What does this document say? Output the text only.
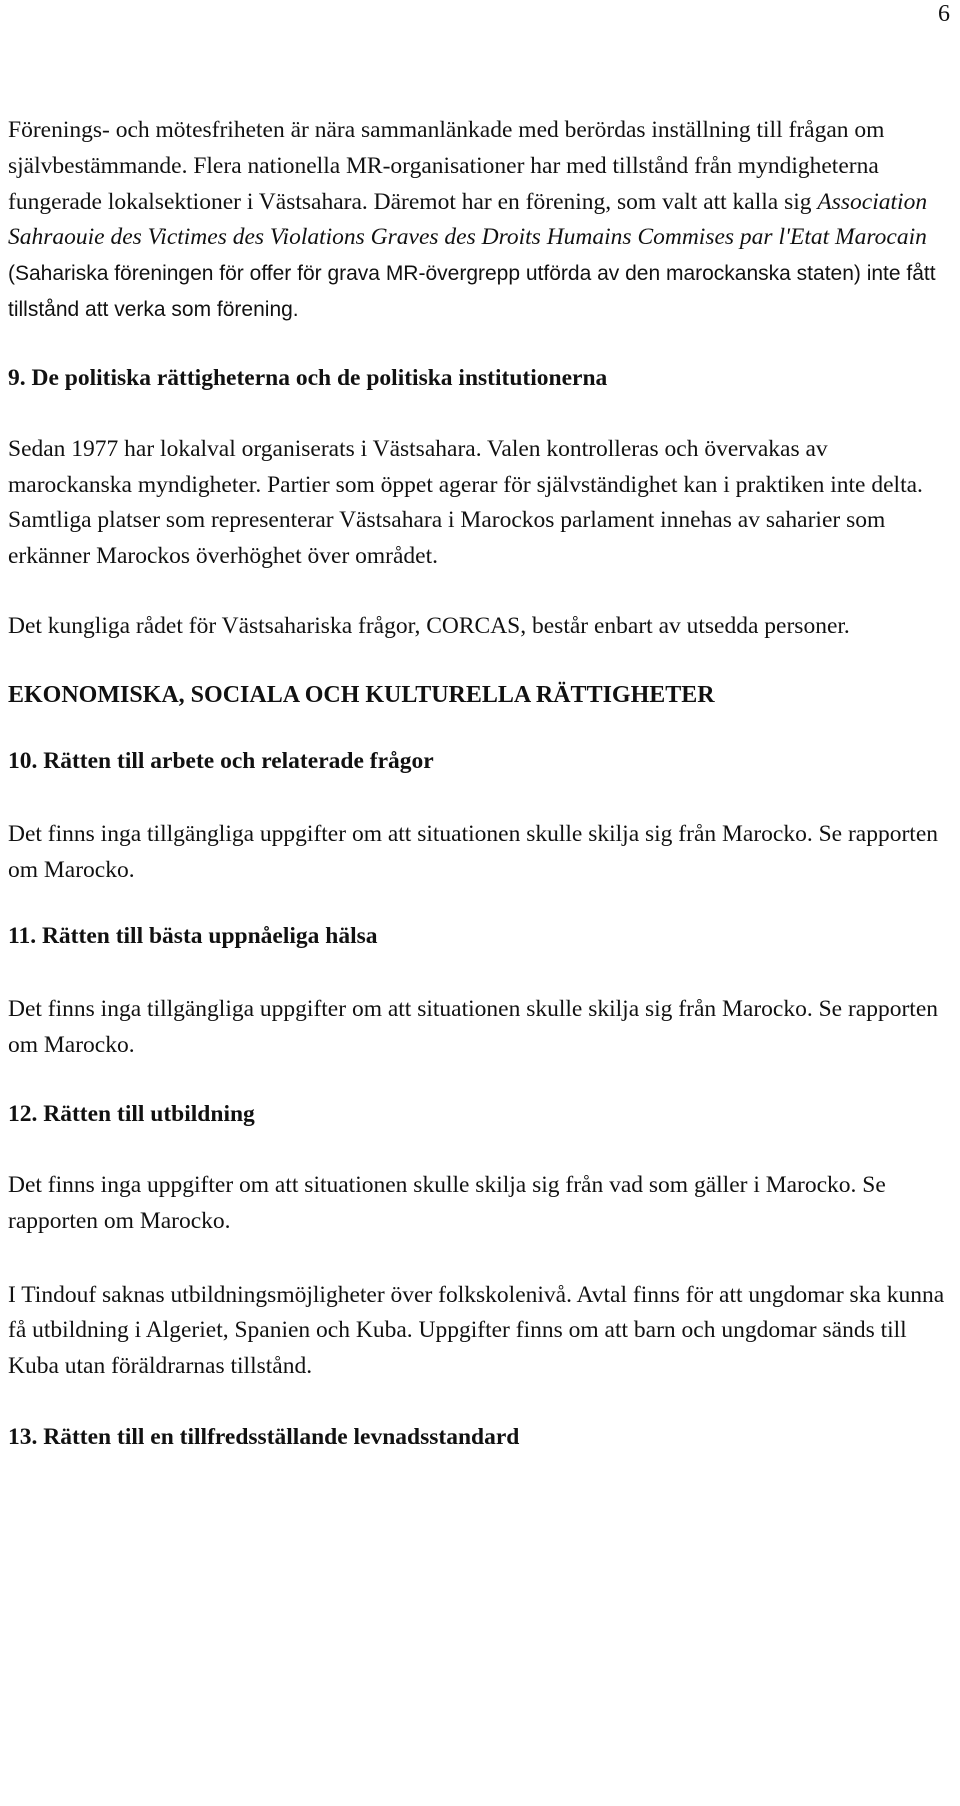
6

Förenings- och mötesfriheten är nära sammanlänkade med berördas inställning till frågan om självbestämmande. Flera nationella MR-organisationer har med tillstånd från myndigheterna fungerade lokalsektioner i Västsahara. Däremot har en förening, som valt att kalla sig Association Sahraouie des Victimes des Violations Graves des Droits Humains Commises par l'Etat Marocain (Sahariska föreningen för offer för grava MR-övergrepp utförda av den marockanska staten) inte fått tillstånd att verka som förening.

9. De politiska rättigheterna och de politiska institutionerna

Sedan 1977 har lokalval organiserats i Västsahara. Valen kontrolleras och övervakas av marockanska myndigheter. Partier som öppet agerar för självständighet kan i praktiken inte delta. Samtliga platser som representerar Västsahara i Marockos parlament innehas av saharier som erkänner Marockos överhöghet över området.

Det kungliga rådet för Västsahariska frågor, CORCAS, består enbart av utsedda personer.

EKONOMISKA, SOCIALA OCH KULTURELLA RÄTTIGHETER
10. Rätten till arbete och relaterade frågor

Det finns inga tillgängliga uppgifter om att situationen skulle skilja sig från Marocko. Se rapporten om Marocko.

11. Rätten till bästa uppnåeliga hälsa

Det finns inga tillgängliga uppgifter om att situationen skulle skilja sig från Marocko. Se rapporten om Marocko.

12. Rätten till utbildning

Det finns inga uppgifter om att situationen skulle skilja sig från vad som gäller i Marocko. Se rapporten om Marocko.

I Tindouf saknas utbildningsmöjligheter över folkskolenivå. Avtal finns för att ungdomar ska kunna få utbildning i Algeriet, Spanien och Kuba. Uppgifter finns om att barn och ungdomar sänds till Kuba utan föräldrarnas tillstånd.

13. Rätten till en tillfredsställande levnadsstandard
